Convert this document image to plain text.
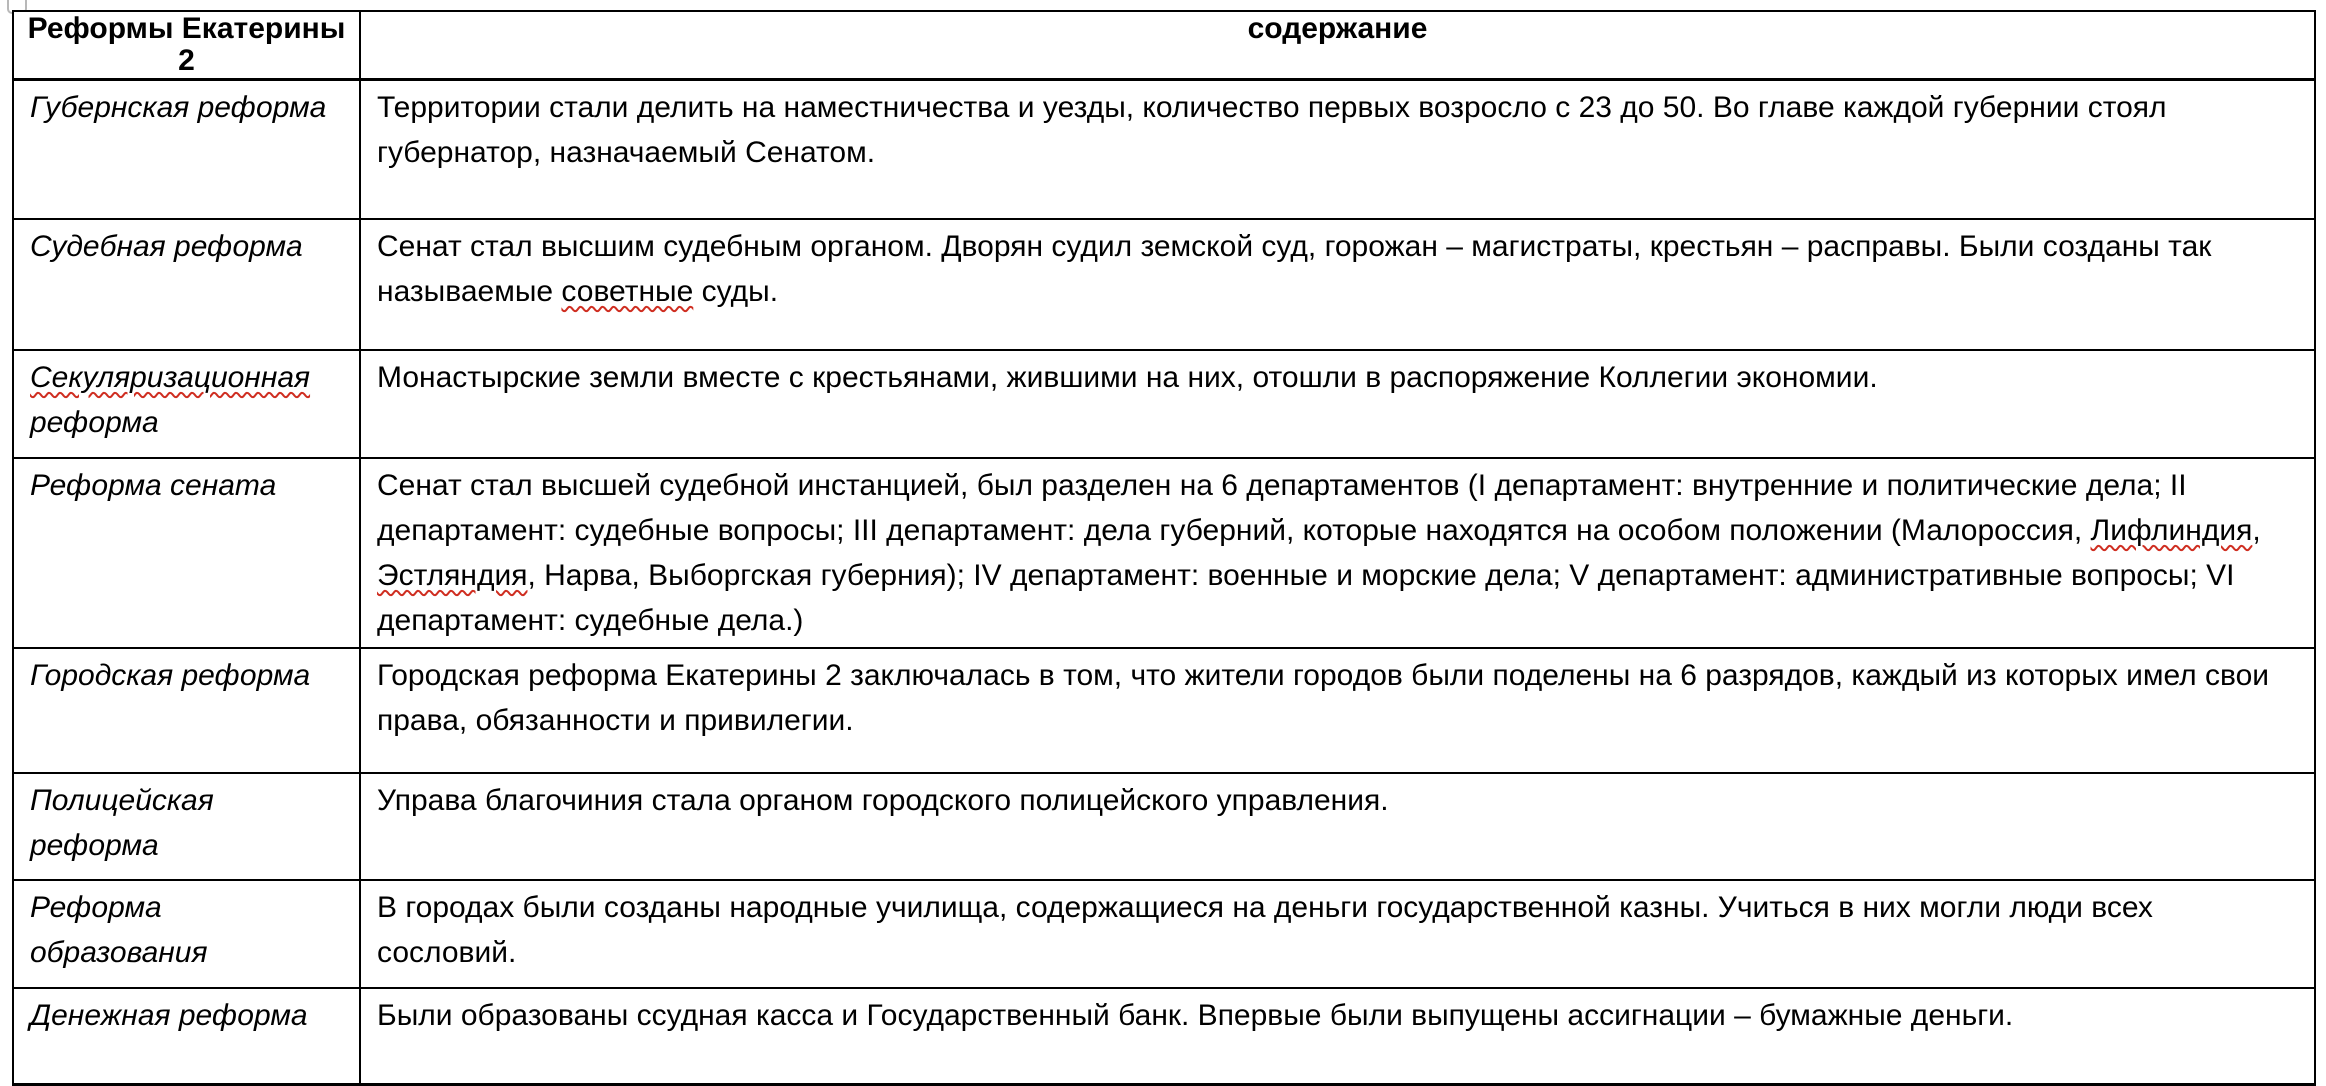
Реформы Екатерины 2	содержание
Губернская реформа	Территории стали делить на наместничества и уезды, количество первых возросло с 23 до 50. Во главе каждой губернии стоял губернатор, назначаемый Сенатом.
Судебная реформа	Сенат стал высшим судебным органом. Дворян судил земской суд, горожан – магистраты, крестьян – расправы. Были созданы так называемые советные суды.
Секуляризационная реформа	Монастырские земли вместе с крестьянами, жившими на них, отошли в распоряжение Коллегии экономии.
Реформа сената	Сенат стал высшей судебной инстанцией, был разделен на 6 департаментов (I департамент: внутренние и политические дела; II департамент: судебные вопросы; III департамент: дела губерний, которые находятся на особом положении (Малороссия, Лифлиндия, Эстляндия, Нарва, Выборгская губерния); IV департамент: военные и морские дела; V департамент: административные вопросы; VI департамент: судебные дела.)
Городская реформа	Городская реформа Екатерины 2 заключалась в том, что жители городов были поделены на 6 разрядов, каждый из которых имел свои права, обязанности и привилегии.
Полицейская реформа	Управа благочиния стала органом городского полицейского управления.
Реформа образования	В городах были созданы народные училища, содержащиеся на деньги государственной казны. Учиться в них могли люди всех сословий.
Денежная реформа	Были образованы ссудная касса и Государственный банк. Впервые были выпущены ассигнации – бумажные деньги.
